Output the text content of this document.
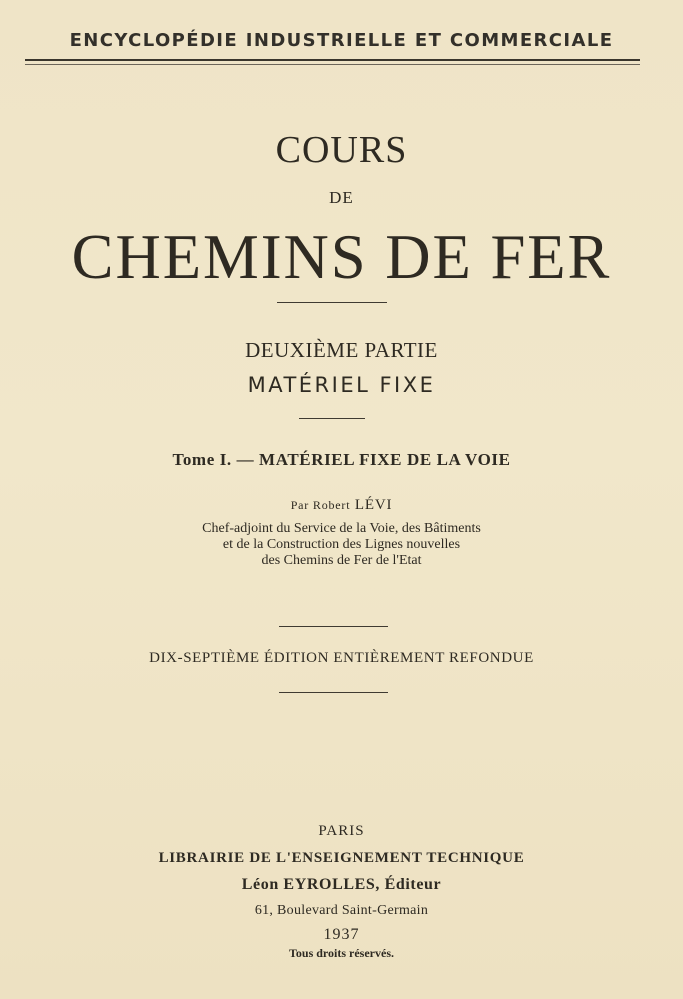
ENCYCLOPÉDIE INDUSTRIELLE ET COMMERCIALE
COURS
DE
CHEMINS DE FER
DEUXIÈME PARTIE
MATÉRIEL FIXE
Tome I. — MATÉRIEL FIXE DE LA VOIE
Par Robert LÉVI
Chef-adjoint du Service de la Voie, des Bâtiments
et de la Construction des Lignes nouvelles
des Chemins de Fer de l'Etat
DIX-SEPTIÈME ÉDITION ENTIÈREMENT REFONDUE
PARIS
LIBRAIRIE DE L'ENSEIGNEMENT TECHNIQUE
Léon EYROLLES, Éditeur
61, Boulevard Saint-Germain
1937
Tous droits réservés.
